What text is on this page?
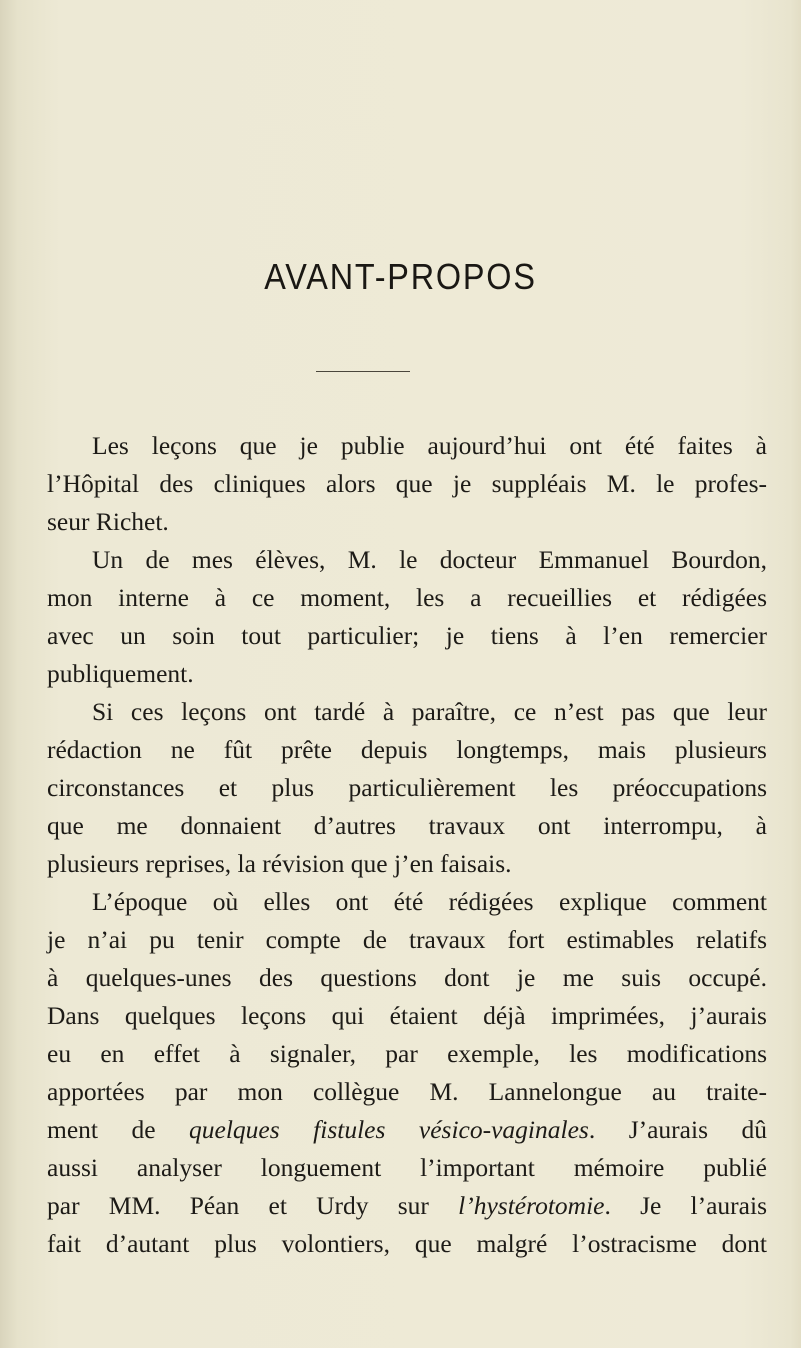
AVANT-PROPOS
Les leçons que je publie aujourd’hui ont été faites à
l’Hôpital des cliniques alors que je suppléais M. le profes-
seur Richet.
Un de mes élèves, M. le docteur Emmanuel Bourdon,
mon interne à ce moment, les a recueillies et rédigées
avec un soin tout particulier; je tiens à l’en remercier
publiquement.
Si ces leçons ont tardé à paraître, ce n’est pas que leur
rédaction ne fût prête depuis longtemps, mais plusieurs
circonstances et plus particulièrement les préoccupations
que me donnaient d’autres travaux ont interrompu, à
plusieurs reprises, la révision que j’en faisais.
L’époque où elles ont été rédigées explique comment
je n’ai pu tenir compte de travaux fort estimables relatifs
à quelques-unes des questions dont je me suis occupé.
Dans quelques leçons qui étaient déjà imprimées, j’aurais
eu en effet à signaler, par exemple, les modifications
apportées par mon collègue M. Lannelongue au traite-
ment de quelques fistules vésico-vaginales. J’aurais dû
aussi analyser longuement l’important mémoire publié
par MM. Péan et Urdy sur l’hystérotomie. Je l’aurais
fait d’autant plus volontiers, que malgré l’ostracisme dont
